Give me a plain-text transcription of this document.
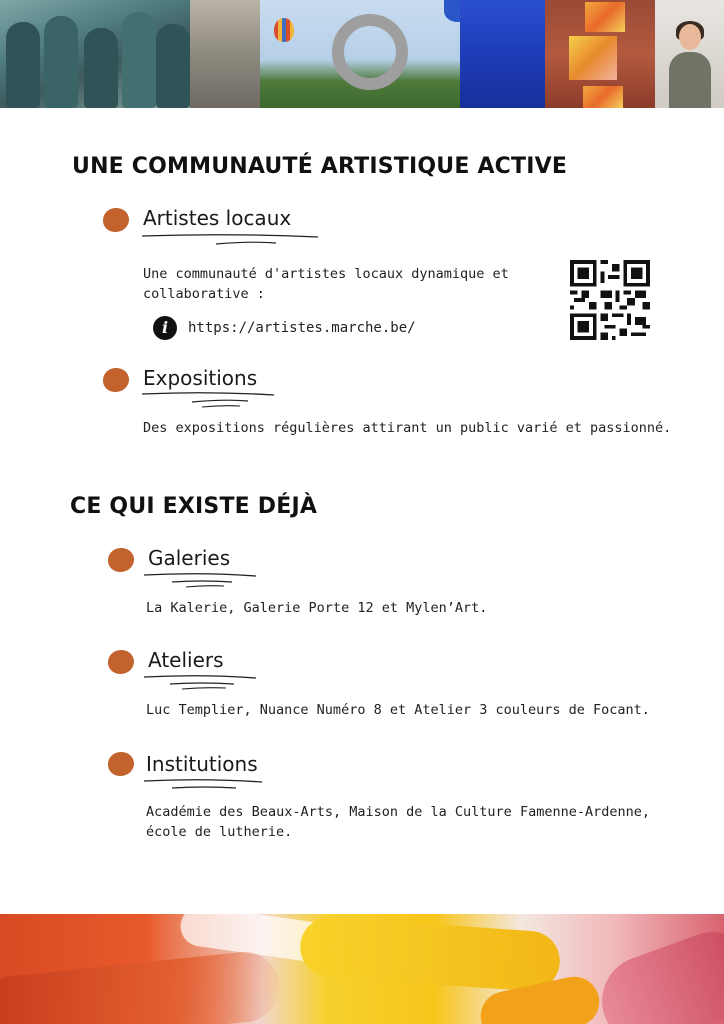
UNE COMMUNAUTÉ ARTISTIQUE ACTIVE
Artistes locaux
Une communauté d'artistes locaux dynamique et collaborative :
i	https://artistes.marche.be/
Expositions
Des expositions régulières attirant un public varié et passionné.
CE QUI EXISTE DÉJÀ
Galeries
La Kalerie, Galerie Porte 12 et Mylen’Art.
Ateliers
Luc Templier, Nuance Numéro 8 et Atelier 3 couleurs de Focant.
Institutions
Académie des Beaux-Arts, Maison de la Culture Famenne-Ardenne, école de lutherie.
